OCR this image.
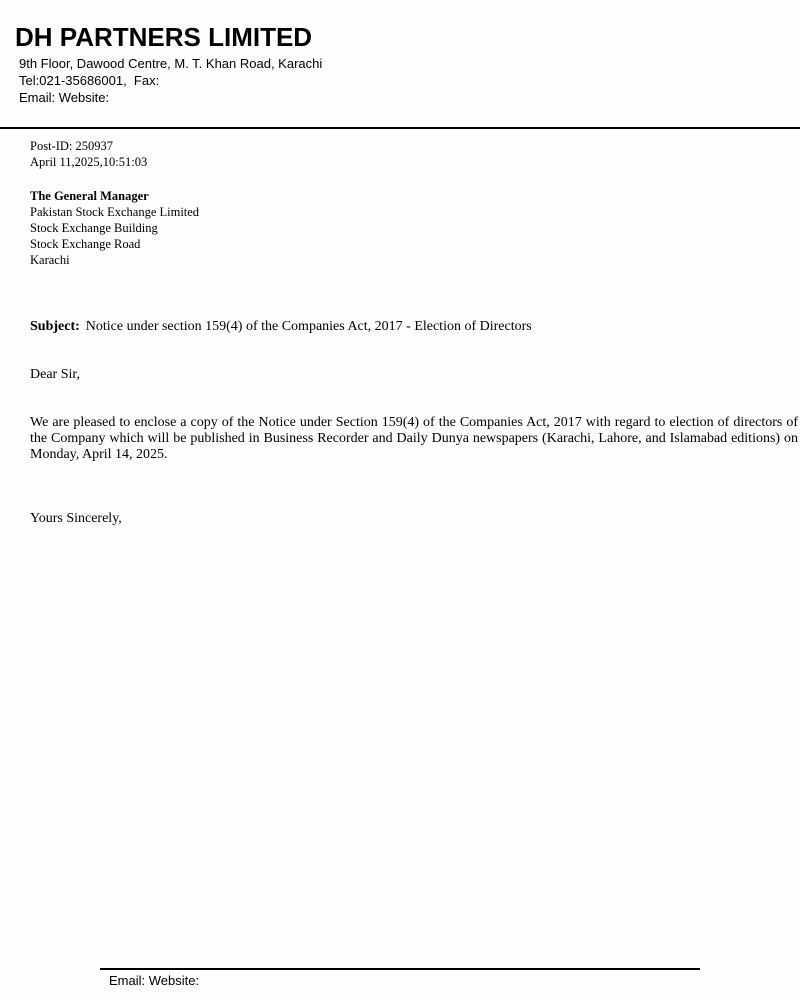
DH PARTNERS LIMITED
9th Floor, Dawood Centre, M. T. Khan Road, Karachi
Tel:021-35686001,  Fax:
Email: Website:
Post-ID: 250937
April 11,2025,10:51:03
The General Manager
Pakistan Stock Exchange Limited
Stock Exchange Building
Stock Exchange Road
Karachi
Subject: Notice under section 159(4) of the Companies Act, 2017 - Election of Directors
Dear Sir,

We are pleased to enclose a copy of the Notice under Section 159(4) of the Companies Act, 2017 with regard to election of directors of the Company which will be published in Business Recorder and Daily Dunya newspapers (Karachi, Lahore, and Islamabad editions) on Monday, April 14, 2025.

Yours Sincerely,
Email: Website:
